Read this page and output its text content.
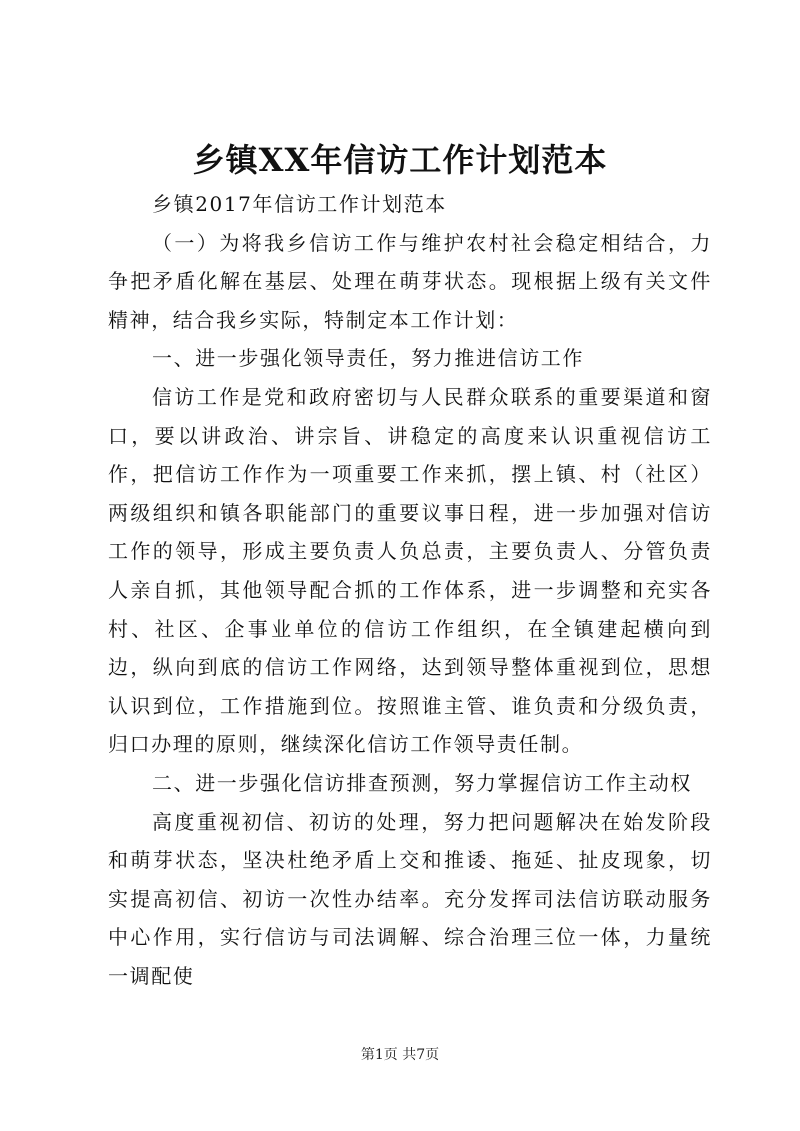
乡镇XX年信访工作计划范本

乡镇2017年信访工作计划范本

（一）为将我乡信访工作与维护农村社会稳定相结合，力争把矛盾化解在基层、处理在萌芽状态。现根据上级有关文件精神，结合我乡实际，特制定本工作计划：

一、进一步强化领导责任，努力推进信访工作

信访工作是党和政府密切与人民群众联系的重要渠道和窗口，要以讲政治、讲宗旨、讲稳定的高度来认识重视信访工作，把信访工作作为一项重要工作来抓，摆上镇、村（社区）两级组织和镇各职能部门的重要议事日程，进一步加强对信访工作的领导，形成主要负责人负总责，主要负责人、分管负责人亲自抓，其他领导配合抓的工作体系，进一步调整和充实各村、社区、企事业单位的信访工作组织，在全镇建起横向到边，纵向到底的信访工作网络，达到领导整体重视到位，思想认识到位，工作措施到位。按照谁主管、谁负责和分级负责，归口办理的原则，继续深化信访工作领导责任制。

二、进一步强化信访排查预测，努力掌握信访工作主动权

高度重视初信、初访的处理，努力把问题解决在始发阶段和萌芽状态，坚决杜绝矛盾上交和推诿、拖延、扯皮现象，切实提高初信、初访一次性办结率。充分发挥司法信访联动服务中心作用，实行信访与司法调解、综合治理三位一体，力量统一调配使

第1页 共7页
